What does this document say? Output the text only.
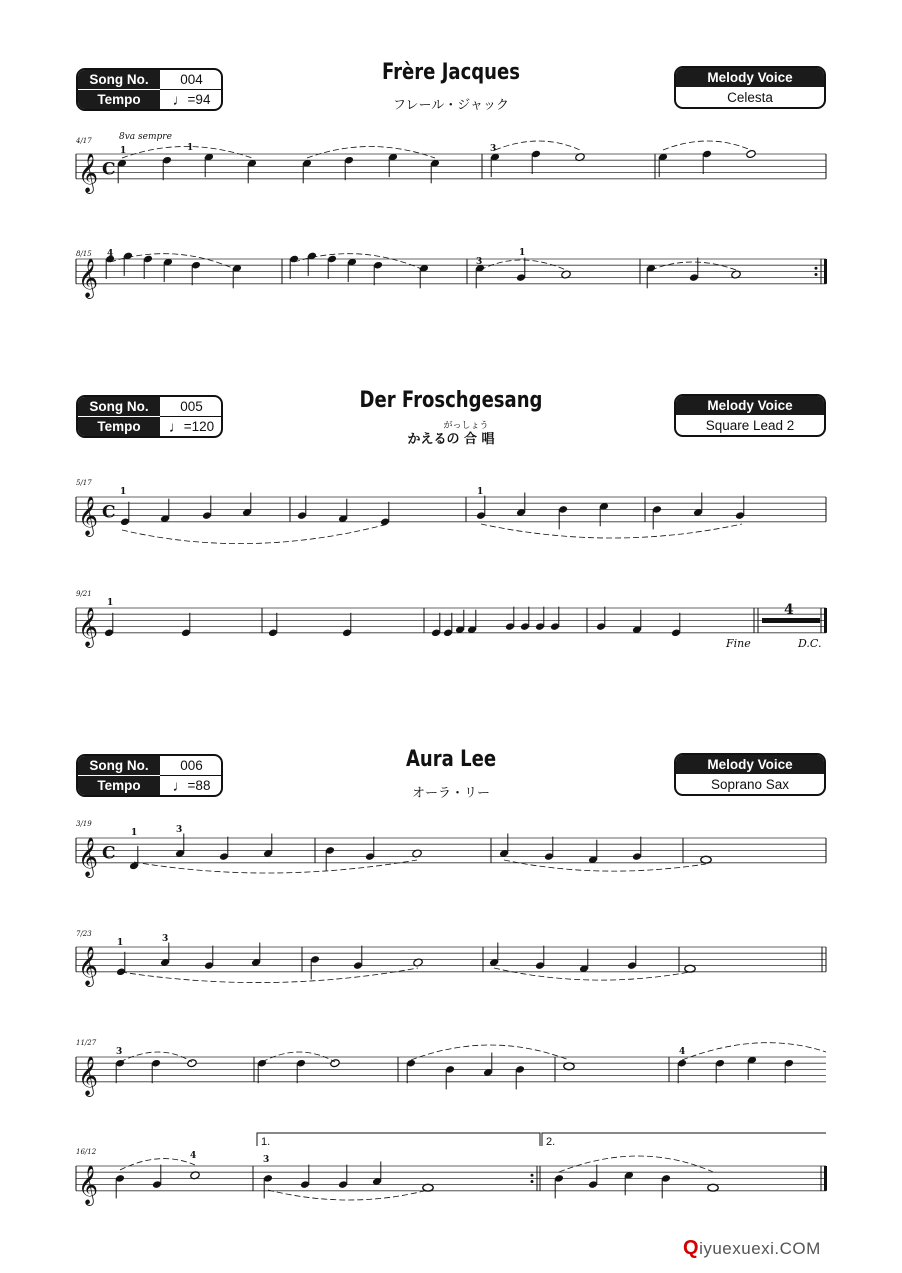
Song No.	004
Tempo	♩=94
Frère Jacques
フレール・ジャック
Melody Voice
Celesta
Song No.	005
Tempo	♩=120
Der Froschgesang
がっしょう
かえるの 合 唱
Melody Voice
Square Lead 2
Song No.	006
Tempo	♩=88
Aura Lee
オーラ・リー
Melody Voice
Soprano Sax
𝄞 C
𝄞
𝄞 C
𝄞
𝄞 C
𝄞
𝄞
𝄞
4/17	8va sempre
1	1	3
8/15 4
3
1
5/17
1	1
9/21
1
Fine	D.C.
4
3/19
1	3
7/23
1	3
11/27
3	4
16/12	4	3
1.	2.
Qiyuexuexi.COM
